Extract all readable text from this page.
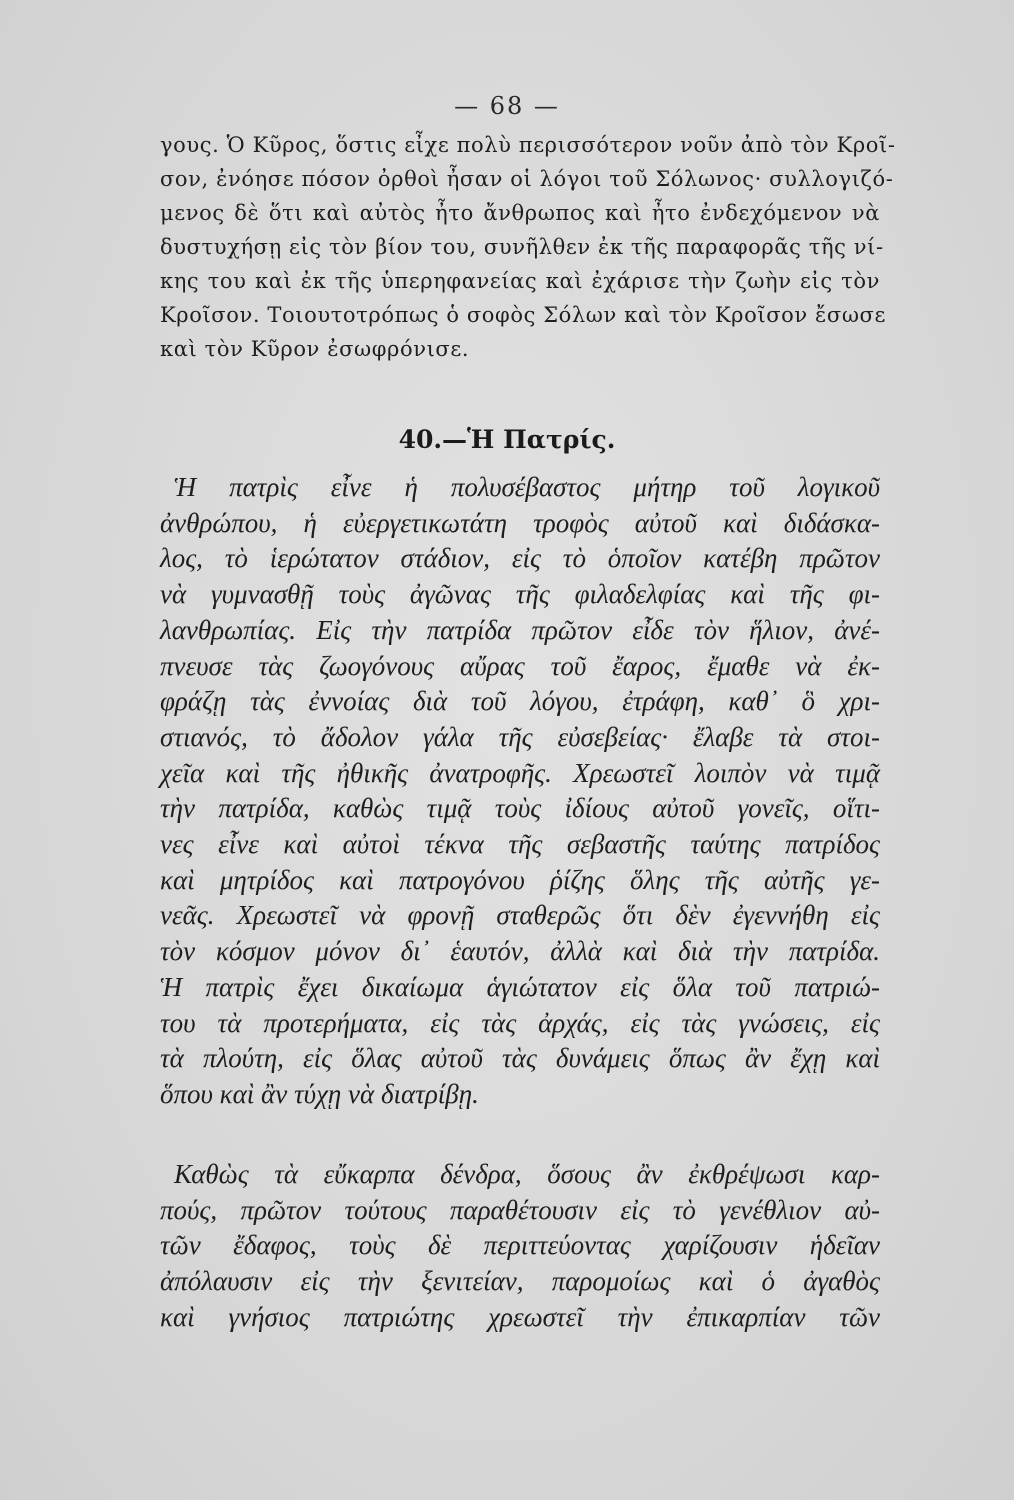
— 68 —
γους. Ὁ Κῦρος, ὅστις εἶχε πολὺ περισσότερον νοῦν ἀπὸ τὸν Κροῖ-
σον, ἐνόησε πόσον ὀρθοὶ ἦσαν οἱ λόγοι τοῦ Σόλωνος· συλλογιζό-
μενος δὲ ὅτι καὶ αὐτὸς ἦτο ἄνθρωπος καὶ ἦτο ἐνδεχόμενον νὰ
δυστυχήσῃ εἰς τὸν βίον του, συνῆλθεν ἐκ τῆς παραφορᾶς τῆς νί-
κης του καὶ ἐκ τῆς ὑπερηφανείας καὶ ἐχάρισε τὴν ζωὴν εἰς τὸν
Κροῖσον. Τοιουτοτρόπως ὁ σοφὸς Σόλων καὶ τὸν Κροῖσον ἔσωσε
καὶ τὸν Κῦρον ἐσωφρόνισε.
40.—Ἡ Πατρίς.
Ἡ πατρὶς εἶνε ἡ πολυσέβαστος μήτηρ τοῦ λογικοῦ
ἀνθρώπου, ἡ εὐεργετικωτάτη τροφὸς αὐτοῦ καὶ διδάσκα-
λος, τὸ ἱερώτατον στάδιον, εἰς τὸ ὁποῖον κατέβη πρῶτον
νὰ γυμνασθῇ τοὺς ἀγῶνας τῆς φιλαδελφίας καὶ τῆς φι-
λανθρωπίας. Εἰς τὴν πατρίδα πρῶτον εἶδε τὸν ἥλιον, ἀνέ-
πνευσε τὰς ζωογόνους αὔρας τοῦ ἔαρος, ἔμαθε νὰ ἐκ-
φράζῃ τὰς ἐννοίας διὰ τοῦ λόγου, ἐτράφη, καθ᾿ ὃ χρι-
στιανός, τὸ ἄδολον γάλα τῆς εὐσεβείας· ἔλαβε τὰ στοι-
χεῖα καὶ τῆς ἠθικῆς ἀνατροφῆς. Χρεωστεῖ λοιπὸν νὰ τιμᾷ
τὴν πατρίδα, καθὼς τιμᾷ τοὺς ἰδίους αὐτοῦ γονεῖς, οἵτι-
νες εἶνε καὶ αὐτοὶ τέκνα τῆς σεβαστῆς ταύτης πατρίδος
καὶ μητρίδος καὶ πατρογόνου ῥίζης ὅλης τῆς αὐτῆς γε-
νεᾶς. Χρεωστεῖ νὰ φρονῇ σταθερῶς ὅτι δὲν ἐγεννήθη εἰς
τὸν κόσμον μόνον δι᾿ ἑαυτόν, ἀλλὰ καὶ διὰ τὴν πατρίδα.
Ἡ πατρὶς ἔχει δικαίωμα ἁγιώτατον εἰς ὅλα τοῦ πατριώ-
του τὰ προτερήματα, εἰς τὰς ἀρχάς, εἰς τὰς γνώσεις, εἰς
τὰ πλούτη, εἰς ὅλας αὐτοῦ τὰς δυνάμεις ὅπως ἂν ἔχῃ καὶ
ὅπου καὶ ἂν τύχῃ νὰ διατρίβῃ.
Καθὼς τὰ εὔκαρπα δένδρα, ὅσους ἂν ἐκθρέψωσι καρ-
πούς, πρῶτον τούτους παραθέτουσιν εἰς τὸ γενέθλιον αὐ-
τῶν ἔδαφος, τοὺς δὲ περιττεύοντας χαρίζουσιν ἡδεῖαν
ἀπόλαυσιν εἰς τὴν ξενιτείαν, παρομοίως καὶ ὁ ἀγαθὸς
καὶ γνήσιος πατριώτης χρεωστεῖ τὴν ἐπικαρπίαν τῶν
